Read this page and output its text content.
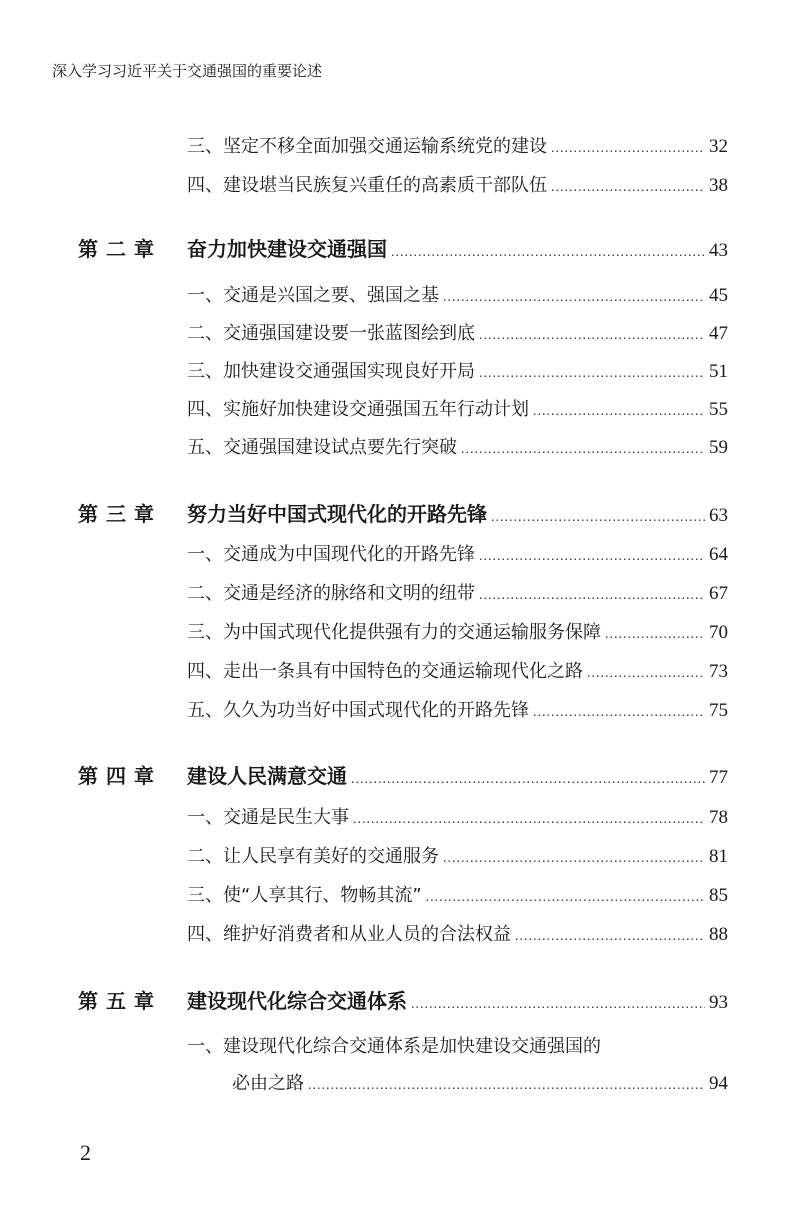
深入学习习近平关于交通强国的重要论述
三、坚定不移全面加强交通运输系统党的建设 .....	32
四、建设堪当民族复兴重任的高素质干部队伍 .....	38
第二章 奋力加快建设交通强国 .....	43
一、交通是兴国之要、强国之基 .....	45
二、交通强国建设要一张蓝图绘到底 .....	47
三、加快建设交通强国实现良好开局 .....	51
四、实施好加快建设交通强国五年行动计划 .....	55
五、交通强国建设试点要先行突破 .....	59
第三章 努力当好中国式现代化的开路先锋 .....	63
一、交通成为中国现代化的开路先锋 .....	64
二、交通是经济的脉络和文明的纽带 .....	67
三、为中国式现代化提供强有力的交通运输服务保障 .....	70
四、走出一条具有中国特色的交通运输现代化之路 .....	73
五、久久为功当好中国式现代化的开路先锋 .....	75
第四章 建设人民满意交通 .....	77
一、交通是民生大事 .....	78
二、让人民享有美好的交通服务 .....	81
三、使“人享其行、物畅其流” .....	85
四、维护好消费者和从业人员的合法权益 .....	88
第五章 建设现代化综合交通体系 .....	93
一、建设现代化综合交通体系是加快建设交通强国的
必由之路 .....	94
2
